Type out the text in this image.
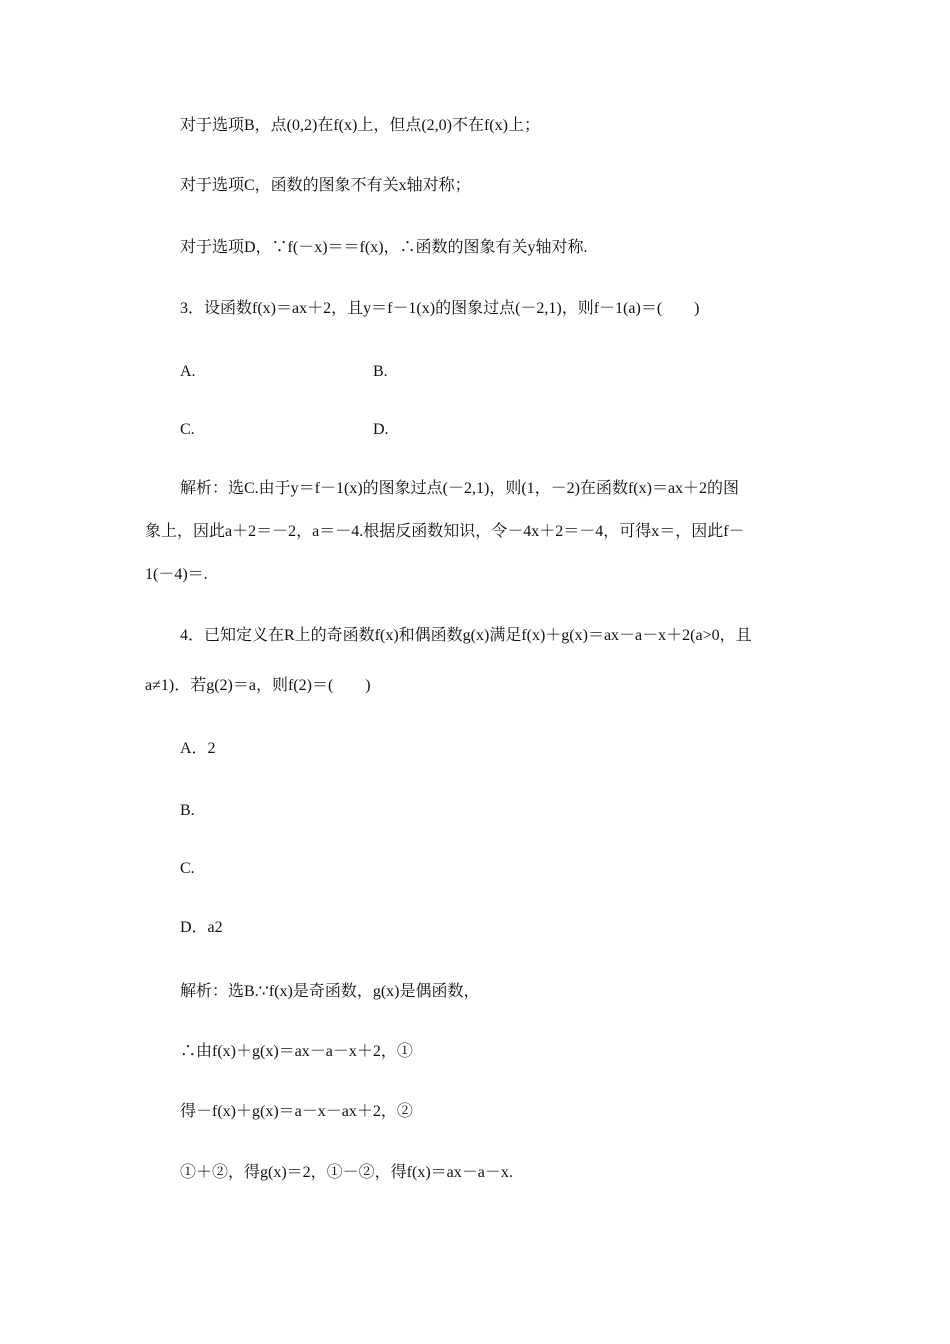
对于选项B，点(0,2)在f(x)上，但点(2,0)不在f(x)上；
对于选项C，函数的图象不有关x轴对称；
对于选项D，∵f(－x)＝＝f(x)，∴函数的图象有关y轴对称.
3．设函数f(x)＝ax＋2，且y＝f－1(x)的图象过点(－2,1)，则f－1(a)＝(　　)
A.	B.
C.	D.
解析：选C.由于y＝f－1(x)的图象过点(－2,1)，则(1，－2)在函数f(x)＝ax＋2的图
象上，因此a＋2＝－2，a＝－4.根据反函数知识，令－4x＋2＝－4，可得x＝，因此f－
1(－4)＝.
4．已知定义在R上的奇函数f(x)和偶函数g(x)满足f(x)＋g(x)＝ax－a－x＋2(a>0，且
a≠1)．若g(2)＝a，则f(2)＝(　　)
A．2
B.
C.
D．a2
解析：选B.∵f(x)是奇函数，g(x)是偶函数，
∴由f(x)＋g(x)＝ax－a－x＋2，①
得－f(x)＋g(x)＝a－x－ax＋2，②
①＋②，得g(x)＝2，①－②，得f(x)＝ax－a－x.
